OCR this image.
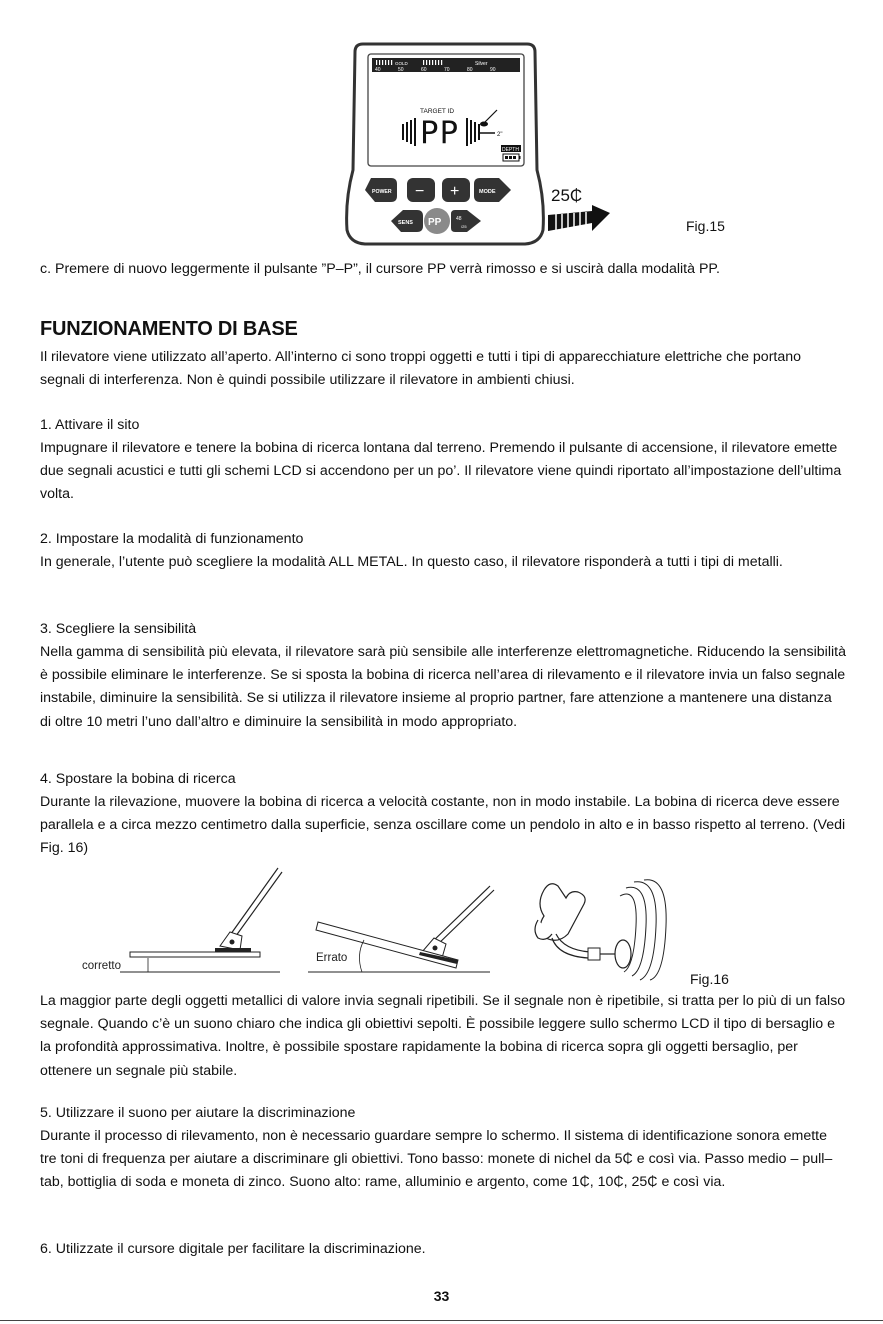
GOLD	Silver
40	50	60	70	80	90
TARGET ID
PP	2"
DEPTH
POWER − +	MODE
SENS PP	48
/25
25₵
Fig.15

c. Premere di nuovo leggermente il pulsante ”P–P”, il cursore PP verrà rimosso e si uscirà dalla modalità PP.

FUNZIONAMENTO DI BASE

Il rilevatore viene utilizzato all’aperto. All’interno ci sono troppi oggetti e tutti i tipi di apparecchiature elettriche che portano segnali di interferenza. Non è quindi possibile utilizzare il rilevatore in ambienti chiusi.

1. Attivare il sito

Impugnare il rilevatore e tenere la bobina di ricerca lontana dal terreno. Premendo il pulsante di accensione, il rilevatore emette due segnali acustici e tutti gli schemi LCD si accendono per un po’. Il rilevatore viene quindi riportato all’impostazione dell’ultima volta.

2. Impostare la modalità di funzionamento

In generale, l’utente può scegliere la modalità ALL METAL. In questo caso, il rilevatore risponderà a tutti i tipi di metalli.

3. Scegliere la sensibilità

Nella gamma di sensibilità più elevata, il rilevatore sarà più sensibile alle interferenze elettromagnetiche. Riducendo la sensibilità è possibile eliminare le interferenze. Se si sposta la bobina di ricerca nell’area di rilevamento e il rilevatore invia un falso segnale instabile, diminuire la sensibilità. Se si utilizza il rilevatore insieme al proprio partner, fare attenzione a mantenere una distanza di oltre 10 metri l’uno dall’altro e diminuire la sensibilità in modo appropriato.

4. Spostare la bobina di ricerca

Durante la rilevazione, muovere la bobina di ricerca a velocità costante, non in modo instabile. La bobina di ricerca deve essere parallela e a circa mezzo centimetro dalla superficie, senza oscillare come un pendolo in alto e in basso rispetto al terreno. (Vedi Fig. 16)

corretto
Errato
Fig.16

La maggior parte degli oggetti metallici di valore invia segnali ripetibili. Se il segnale non è ripetibile, si tratta per lo più di un falso segnale. Quando c’è un suono chiaro che indica gli obiettivi sepolti. È possibile leggere sullo schermo LCD il tipo di bersaglio e la profondità approssimativa. Inoltre, è possibile spostare rapidamente la bobina di ricerca sopra gli oggetti bersaglio, per ottenere un segnale più stabile.

5. Utilizzare il suono per aiutare la discriminazione

Durante il processo di rilevamento, non è necessario guardare sempre lo schermo. Il sistema di identificazione sonora emette tre toni di frequenza per aiutare a discriminare gli obiettivi. Tono basso: monete di nichel da 5₵ e così via. Passo medio – pull–tab, bottiglia di soda e moneta di zinco. Suono alto: rame, alluminio e argento, come 1₵, 10₵, 25₵ e così via.

6. Utilizzate il cursore digitale per facilitare la discriminazione.

33
